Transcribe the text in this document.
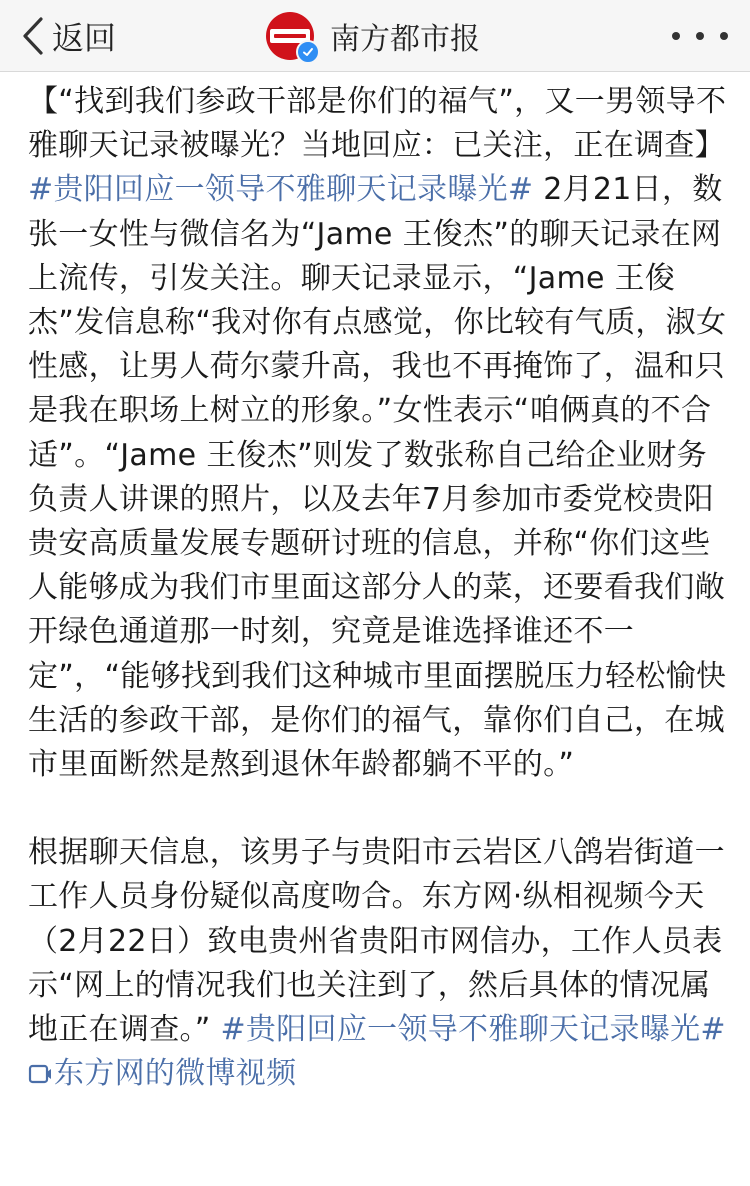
返回	南方都市报

【“找到我们参政干部是你们的福气”，又一男领导不雅聊天记录被曝光？当地回应：已关注，正在调查】 #贵阳回应一领导不雅聊天记录曝光# 2月21日，数张一女性与微信名为“Jame 王俊杰”的聊天记录在网上流传，引发关注。聊天记录显示，“Jame 王俊杰”发信息称“我对你有点感觉，你比较有气质，淑女性感，让男人荷尔蒙升高，我也不再掩饰了，温和只是我在职场上树立的形象。”女性表示“咱俩真的不合适”。“Jame 王俊杰”则发了数张称自己给企业财务负责人讲课的照片，以及去年7月参加市委党校贵阳贵安高质量发展专题研讨班的信息，并称“你们这些人能够成为我们市里面这部分人的菜，还要看我们敞开绿色通道那一时刻，究竟是谁选择谁还不一定”，“能够找到我们这种城市里面摆脱压力轻松愉快生活的参政干部，是你们的福气，靠你们自己，在城市里面断然是熬到退休年龄都躺不平的。”

根据聊天信息，该男子与贵阳市云岩区八鸽岩街道一工作人员身份疑似高度吻合。东方网·纵相视频今天（2月22日）致电贵州省贵阳市网信办，工作人员表示“网上的情况我们也关注到了，然后具体的情况属地正在调查。” #贵阳回应一领导不雅聊天记录曝光#东方网的微博视频
